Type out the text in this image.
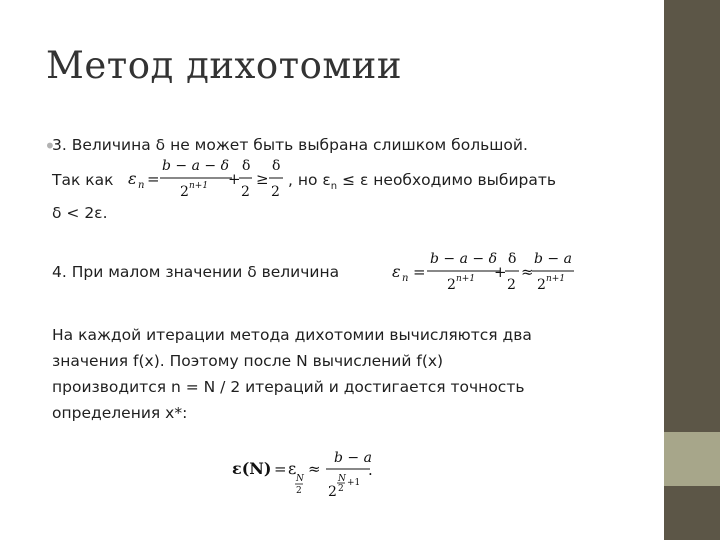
Метод дихотомии
•
3. Величина δ не может быть выбрана слишком большой.
Так как ε n =
b − a − δ
2 n+1 +
δ
2
≥
δ
2
, но $\varepsilon_n \le \varepsilon$ необходимо выбирать
δ < 2ε.
4. При малом значении δ величина	ε n =
b − a − δ
2 n+1 +
δ
2
≈
b − a
2 n+1
На каждой итерации метода дихотомии вычисляются два
значения f(x). Поэтому после N вычислений f(x)
производится n = N / 2 итераций и достигается точность
определения x*:
ε(N) = ε
N
2
≈
b − a
2
N
2
+1
.
